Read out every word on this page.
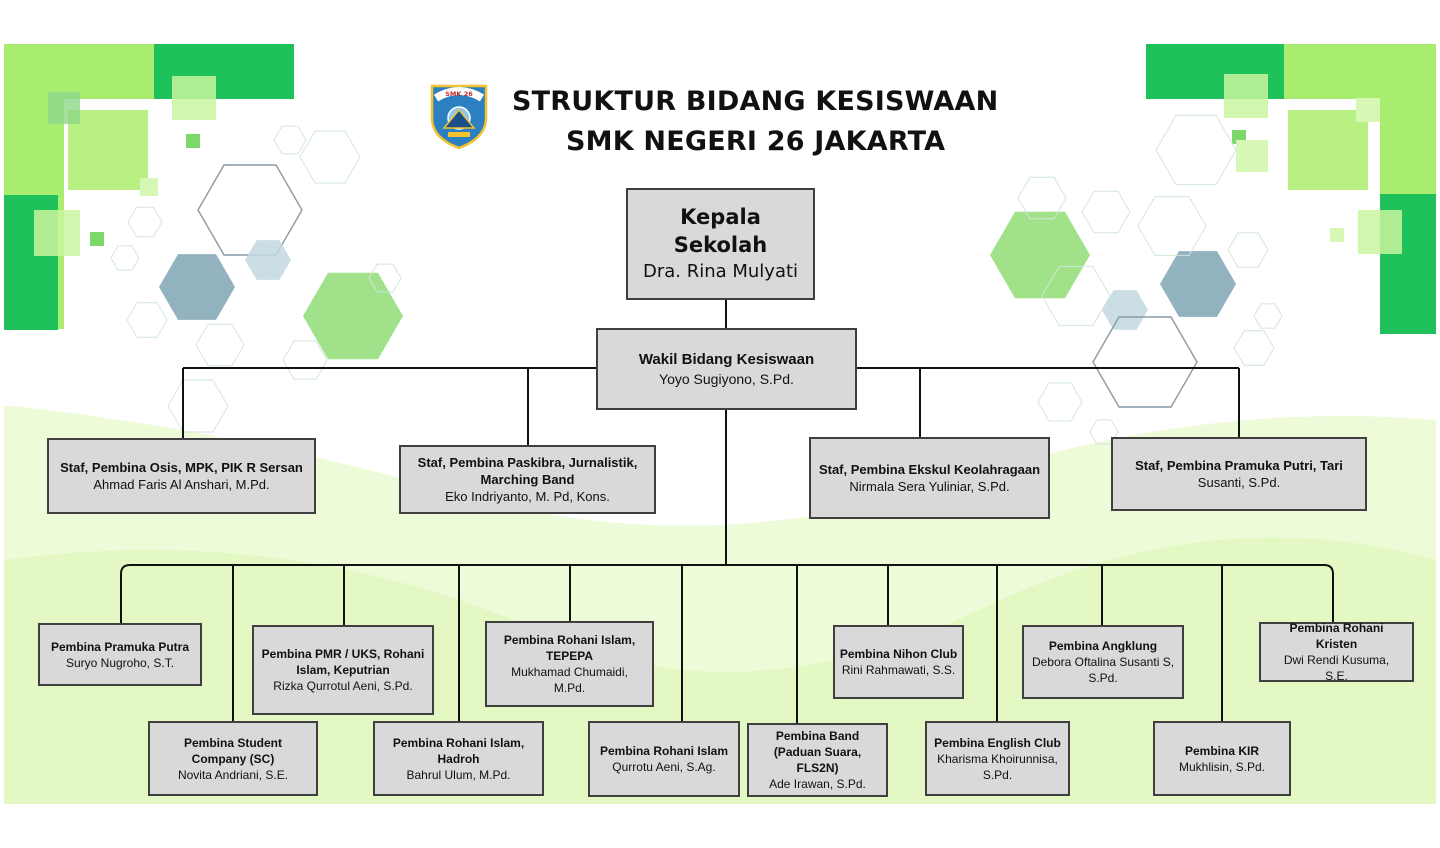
SMK 26 STRUKTUR BIDANG KESISWAAN
SMK NEGERI 26 JAKARTA
Kepala Sekolah
Dra. Rina Mulyati
Wakil Bidang Kesiswaan
Yoyo Sugiyono, S.Pd.
Staf, Pembina Osis, MPK, PIK R Sersan
Ahmad Faris Al Anshari, M.Pd.
Staf, Pembina Paskibra, Jurnalistik, Marching Band
Eko Indriyanto, M. Pd, Kons.
Staf, Pembina Ekskul Keolahragaan
Nirmala Sera Yuliniar, S.Pd.
Staf, Pembina Pramuka Putri, Tari
Susanti, S.Pd.
Pembina Pramuka Putra
Suryo Nugroho, S.T.
Pembina Student Company (SC)
Novita Andriani, S.E.
Pembina PMR / UKS, Rohani Islam, Keputrian
Rizka Qurrotul Aeni, S.Pd.
Pembina Rohani Islam, Hadroh
Bahrul Ulum, M.Pd.
Pembina Rohani Islam, TEPEPA
Mukhamad Chumaidi, M.Pd.
Pembina Rohani Islam
Qurrotu Aeni, S.Ag.
Pembina Band (Paduan Suara, FLS2N)
Ade Irawan, S.Pd.
Pembina Nihon Club
Rini Rahmawati, S.S.
Pembina English Club
Kharisma Khoirunnisa, S.Pd.
Pembina Angklung
Debora Oftalina Susanti S, S.Pd.
Pembina KIR
Mukhlisin, S.Pd.
Pembina Rohani Kristen
Dwi Rendi Kusuma, S.E.
